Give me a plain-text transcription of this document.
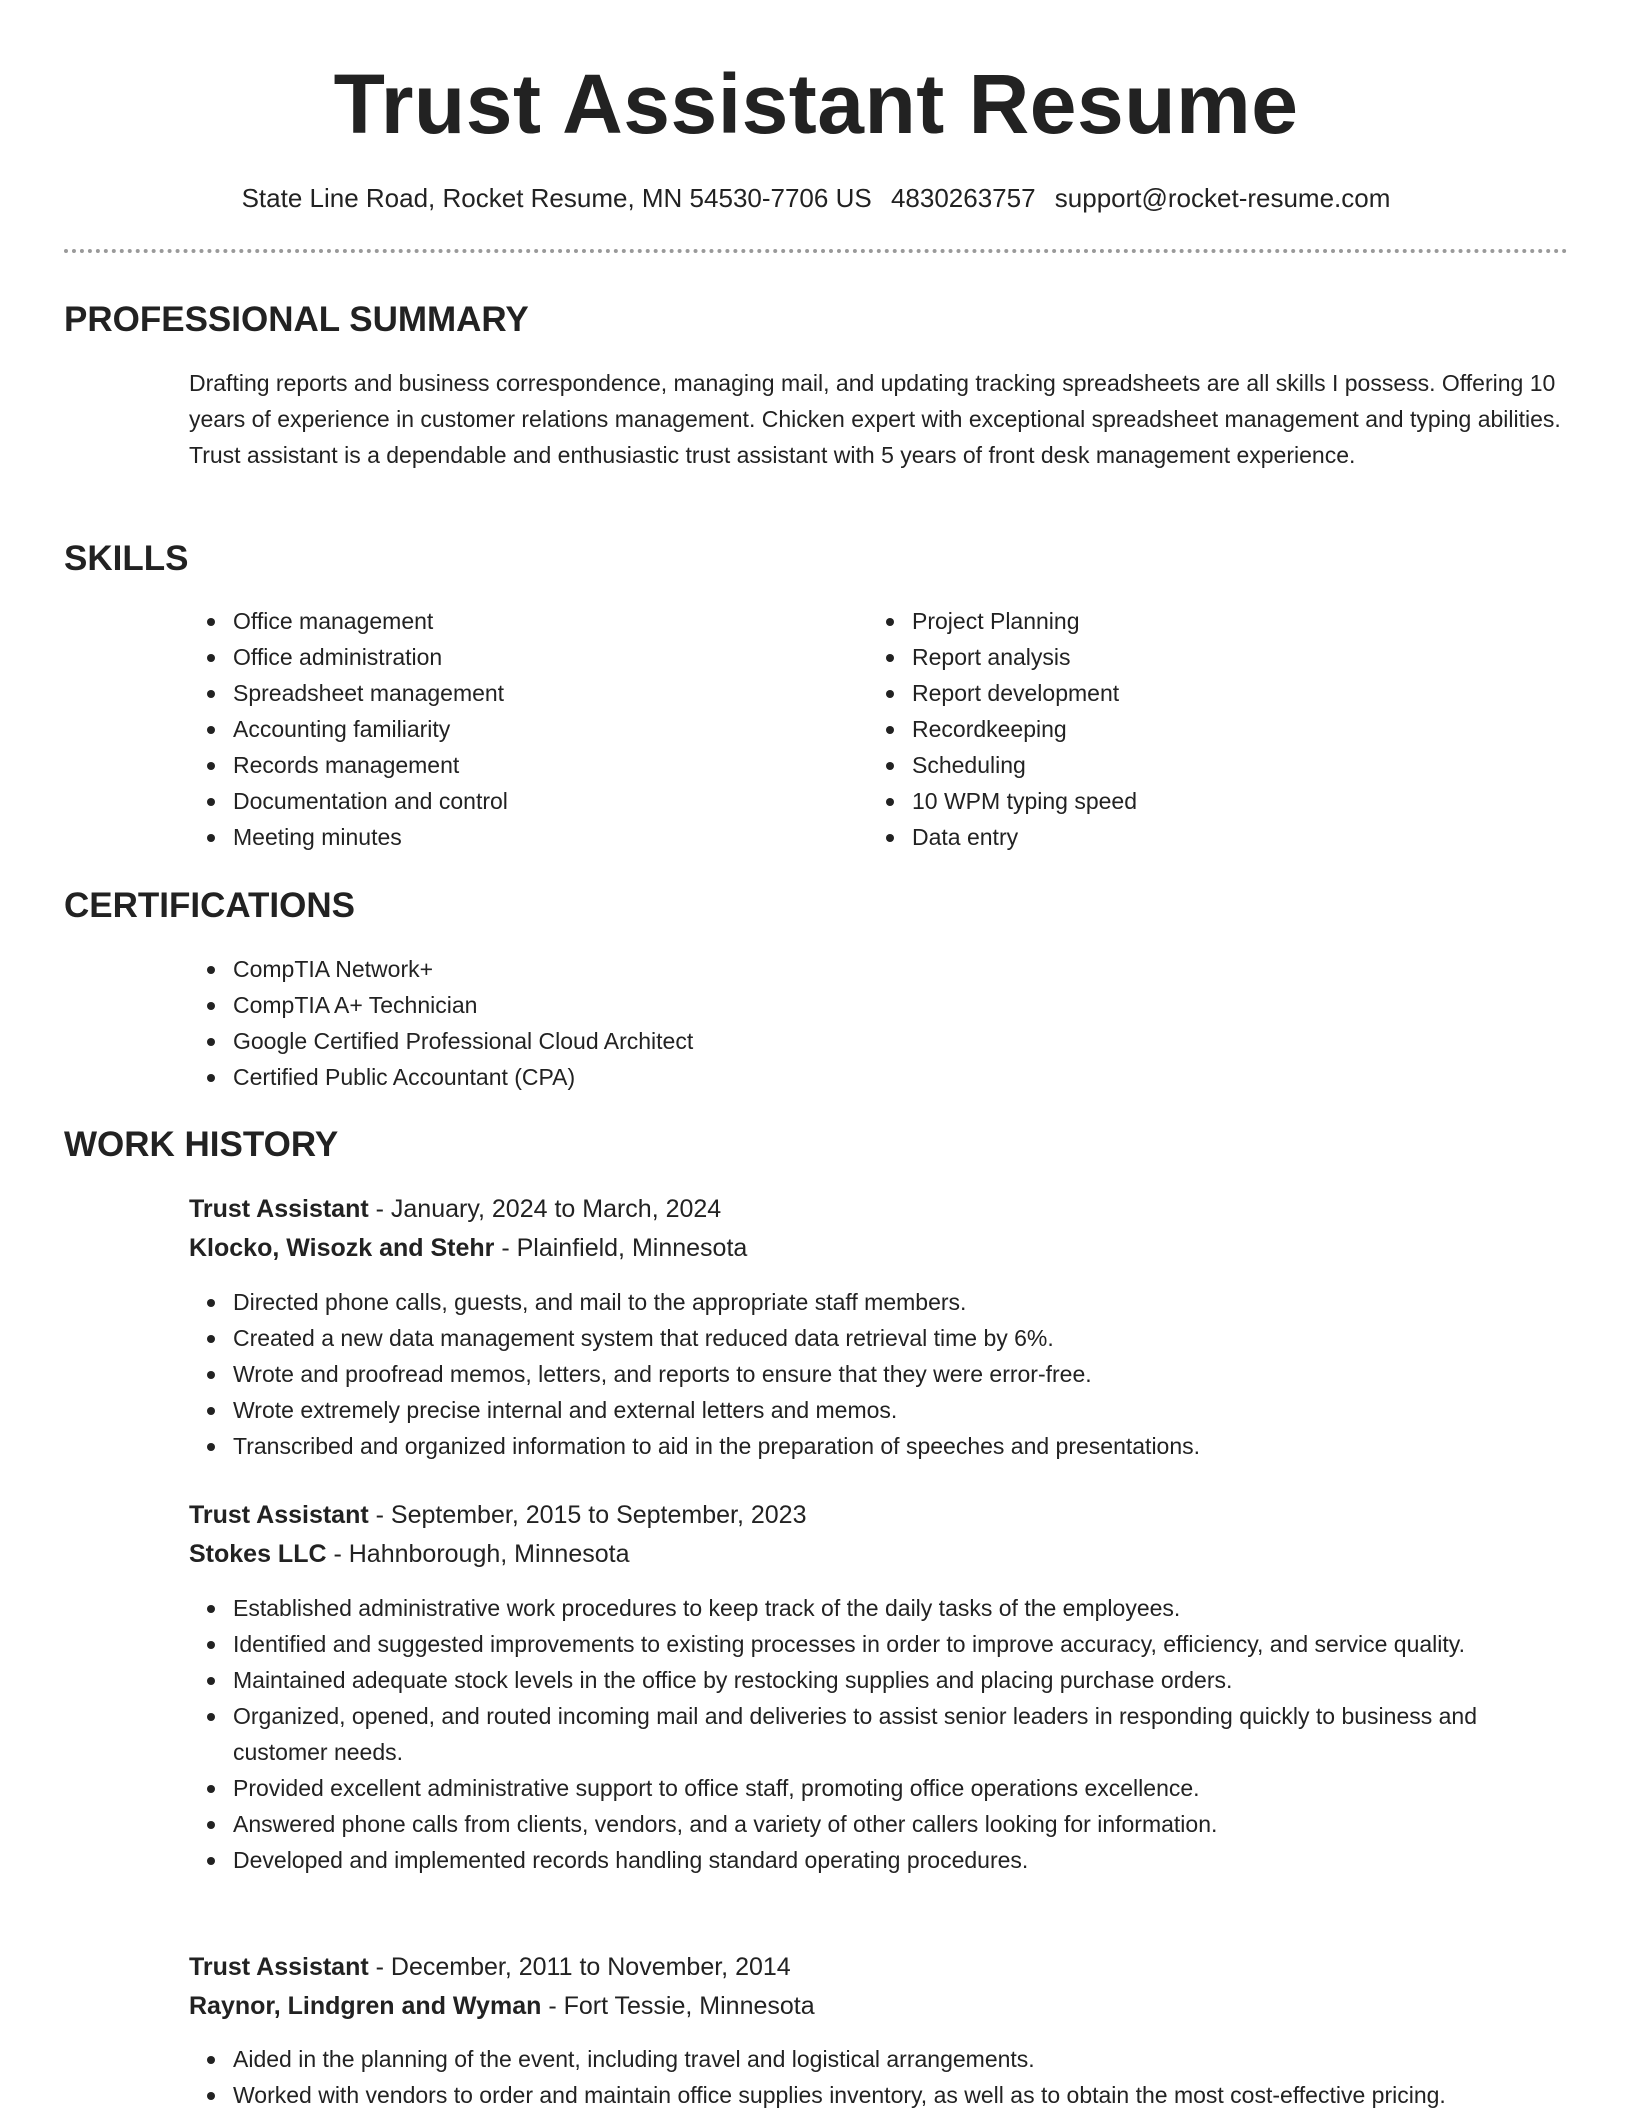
Trust Assistant Resume
State Line Road, Rocket Resume, MN 54530-7706 US 4830263757 support@rocket-resume.com
PROFESSIONAL SUMMARY

Drafting reports and business correspondence, managing mail, and updating tracking spreadsheets are all skills I possess. Offering 10 years of experience in customer relations management. Chicken expert with exceptional spreadsheet management and typing abilities. Trust assistant is a dependable and enthusiastic trust assistant with 5 years of front desk management experience.

SKILLS
Office management
Office administration
Spreadsheet management
Accounting familiarity
Records management
Documentation and control
Meeting minutes
Project Planning
Report analysis
Report development
Recordkeeping
Scheduling
10 WPM typing speed
Data entry
CERTIFICATIONS
CompTIA Network+
CompTIA A+ Technician
Google Certified Professional Cloud Architect
Certified Public Accountant (CPA)
WORK HISTORY
Trust Assistant - January, 2024 to March, 2024
Klocko, Wisozk and Stehr - Plainfield, Minnesota
Directed phone calls, guests, and mail to the appropriate staff members.
Created a new data management system that reduced data retrieval time by 6%.
Wrote and proofread memos, letters, and reports to ensure that they were error-free.
Wrote extremely precise internal and external letters and memos.
Transcribed and organized information to aid in the preparation of speeches and presentations.
Trust Assistant - September, 2015 to September, 2023
Stokes LLC - Hahnborough, Minnesota
Established administrative work procedures to keep track of the daily tasks of the employees.
Identified and suggested improvements to existing processes in order to improve accuracy, efficiency, and service quality.
Maintained adequate stock levels in the office by restocking supplies and placing purchase orders.
Organized, opened, and routed incoming mail and deliveries to assist senior leaders in responding quickly to business and customer needs.
Provided excellent administrative support to office staff, promoting office operations excellence.
Answered phone calls from clients, vendors, and a variety of other callers looking for information.
Developed and implemented records handling standard operating procedures.
Trust Assistant - December, 2011 to November, 2014
Raynor, Lindgren and Wyman - Fort Tessie, Minnesota
Aided in the planning of the event, including travel and logistical arrangements.
Worked with vendors to order and maintain office supplies inventory, as well as to obtain the most cost-effective pricing.
